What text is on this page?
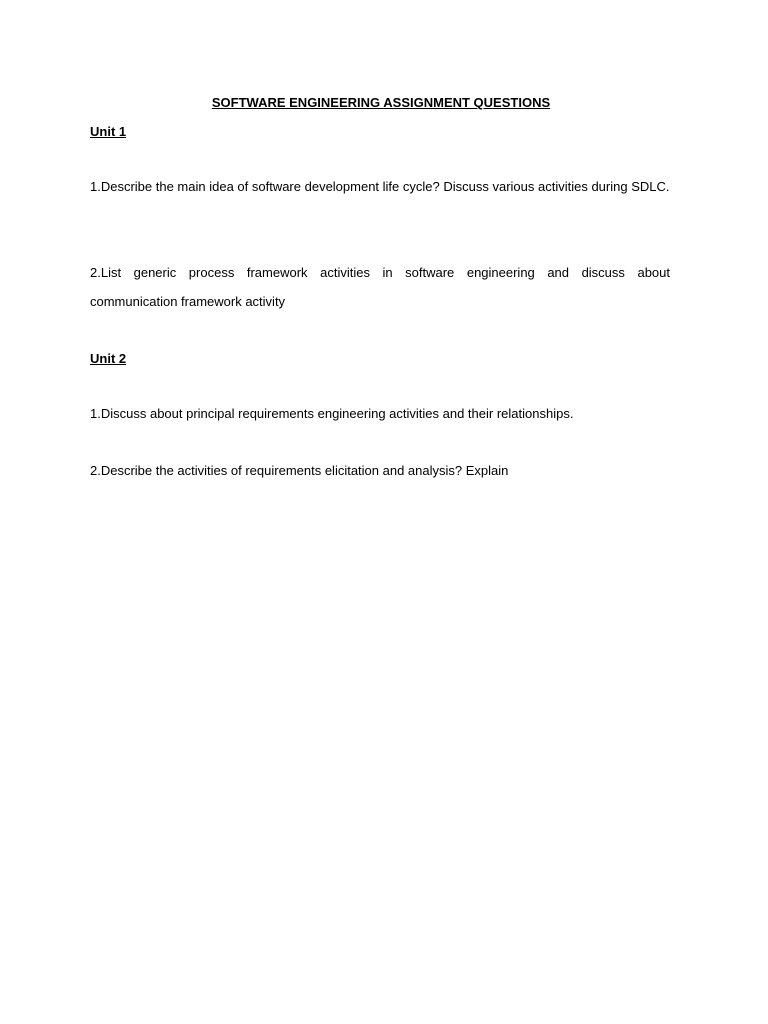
SOFTWARE ENGINEERING ASSIGNMENT QUESTIONS
Unit 1
1.Describe the main idea of software development life cycle? Discuss various activities during SDLC.
2.List generic process framework activities in software engineering and discuss about communication framework activity
Unit 2
1.Discuss about principal requirements engineering activities and their relationships.
2.Describe the activities of requirements elicitation and analysis? Explain
